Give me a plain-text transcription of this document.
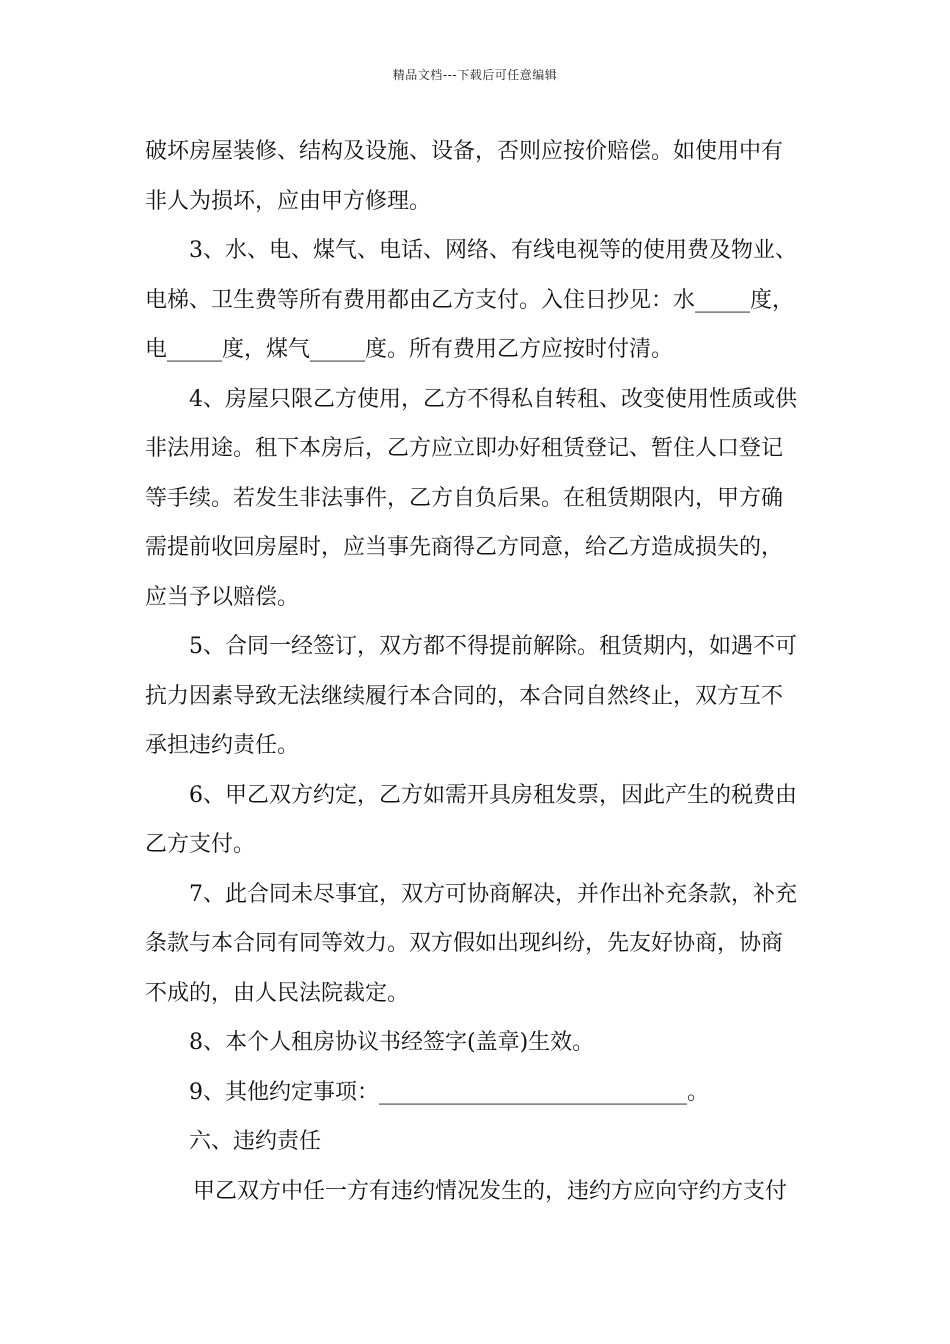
精品文档---下载后可任意编辑
破坏房屋装修、结构及设施、设备，否则应按价赔偿。如使用中有
非人为损坏，应由甲方修理。
3、水、电、煤气、电话、网络、有线电视等的使用费及物业、
电梯、卫生费等所有费用都由乙方支付。入住日抄见：水_____度，
电_____度，煤气_____度。所有费用乙方应按时付清。
4、房屋只限乙方使用，乙方不得私自转租、改变使用性质或供
非法用途。租下本房后，乙方应立即办好租赁登记、暂住人口登记
等手续。若发生非法事件，乙方自负后果。在租赁期限内，甲方确
需提前收回房屋时，应当事先商得乙方同意，给乙方造成损失的，
应当予以赔偿。
5、合同一经签订，双方都不得提前解除。租赁期内，如遇不可
抗力因素导致无法继续履行本合同的，本合同自然终止，双方互不
承担违约责任。
6、甲乙双方约定，乙方如需开具房租发票，因此产生的税费由
乙方支付。
7、此合同未尽事宜，双方可协商解决，并作出补充条款，补充
条款与本合同有同等效力。双方假如出现纠纷，先友好协商，协商
不成的，由人民法院裁定。
8、本个人租房协议书经签字(盖章)生效。
9、其他约定事项：____________________________。
六、违约责任
甲乙双方中任一方有违约情况发生的，违约方应向守约方支付
